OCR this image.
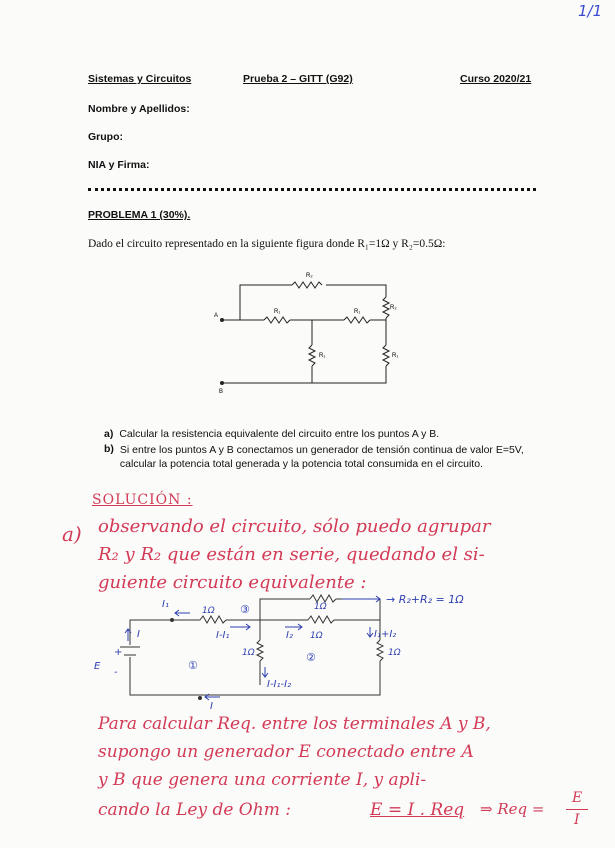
1/1
Sistemas y Circuitos	Prueba 2 – GITT (G92)	Curso 2020/21
Nombre y Apellidos:
Grupo:
NIA y Firma:
PROBLEMA 1 (30%).
Dado el circuito representado en la siguiente figura donde R₁=1Ω y R₂=0.5Ω:
A
B
R₂
R₂
R₁	R₁
R₁	R₁
a) Calcular la resistencia equivalente del circuito entre los puntos A y B.
b) Si entre los puntos A y B conectamos un generador de tensión continua de valor E=5V, calcular la potencia total generada y la potencia total consumida en el circuito.
SOLUCIÓN :
a) observando el circuito, sólo puedo agrupar
R₂ y R₂ que están en serie, quedando el si-
guiente circuito equivalente :
→ R₂+R₂ = 1Ω
I₁
1Ω	1Ω
③
②
①
I-I₁	I₂ 1Ω	I₁+I₂
1Ω
1Ω
I
E
+
-
I-I₁-I₂
I
Para calcular Req. entre los terminales A y B,
supongo un generador E conectado entre A
y B que genera una corriente I, y apli-
cando la Ley de Ohm :	E = I . Req ⇒ Req =
E
I
